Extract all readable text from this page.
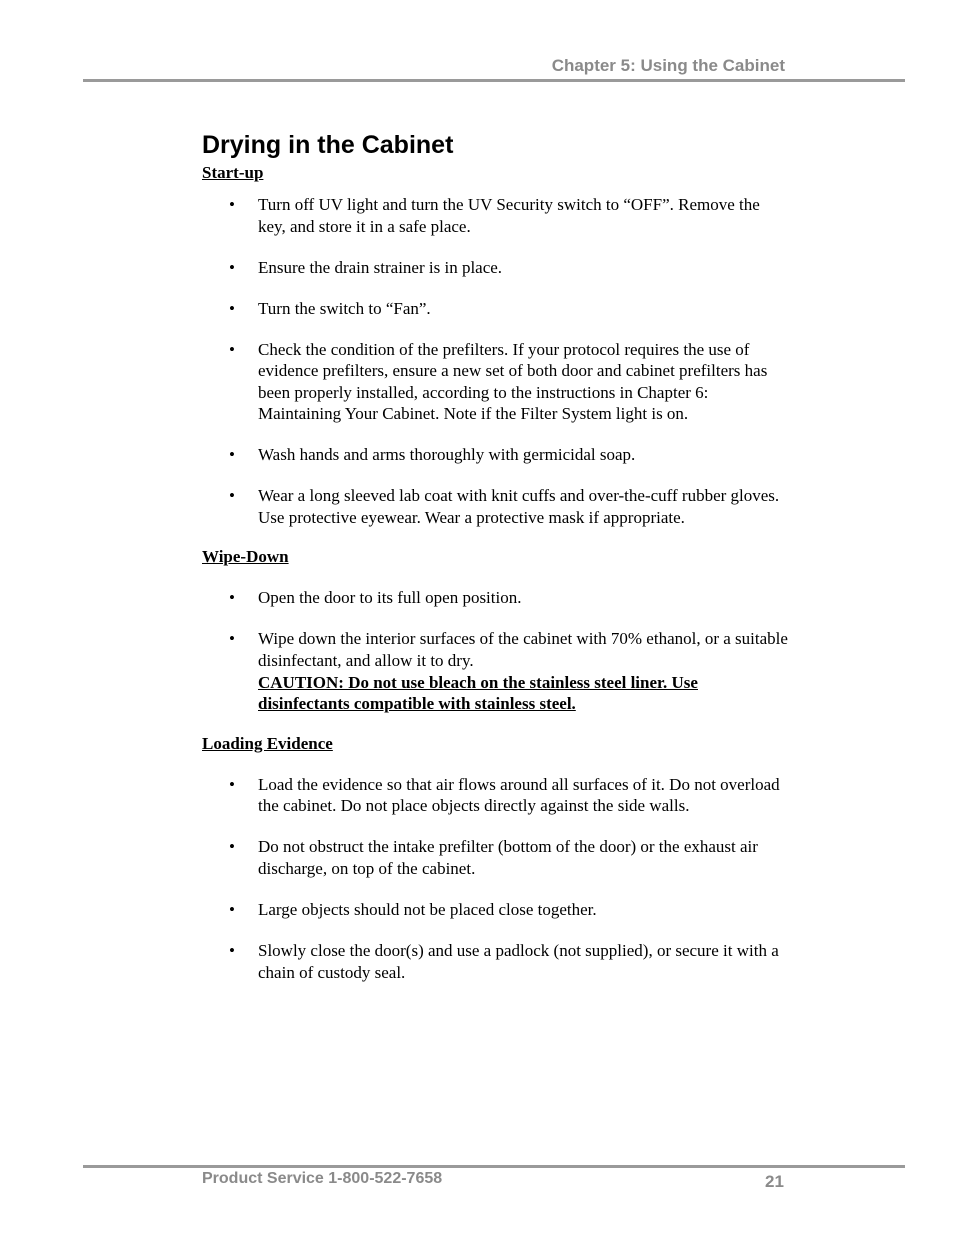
Chapter 5: Using the Cabinet
Drying in the Cabinet

Start-up

• Turn off UV light and turn the UV Security switch to “OFF”. Remove the key, and store it in a safe place.
• Ensure the drain strainer is in place.
• Turn the switch to “Fan”.
• Check the condition of the prefilters. If your protocol requires the use of evidence prefilters, ensure a new set of both door and cabinet prefilters has been properly installed, according to the instructions in Chapter 6: Maintaining Your Cabinet. Note if the Filter System light is on.
• Wash hands and arms thoroughly with germicidal soap.
• Wear a long sleeved lab coat with knit cuffs and over-the-cuff rubber gloves. Use protective eyewear. Wear a protective mask if appropriate.

Wipe-Down

• Open the door to its full open position.
• Wipe down the interior surfaces of the cabinet with 70% ethanol, or a suitable disinfectant, and allow it to dry.
CAUTION: Do not use bleach on the stainless steel liner. Use disinfectants compatible with stainless steel.

Loading Evidence

• Load the evidence so that air flows around all surfaces of it. Do not overload the cabinet. Do not place objects directly against the side walls.
• Do not obstruct the intake prefilter (bottom of the door) or the exhaust air discharge, on top of the cabinet.
• Large objects should not be placed close together.
• Slowly close the door(s) and use a padlock (not supplied), or secure it with a chain of custody seal.
Product Service 1-800-522-7658	21
